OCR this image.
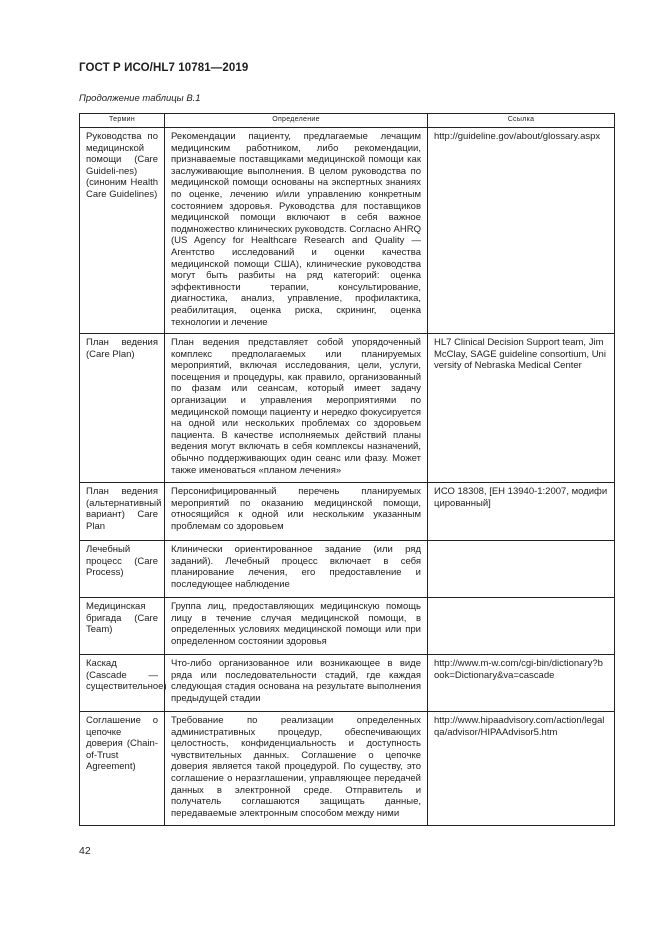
ГОСТ Р ИСО/HL7 10781—2019
Продолжение таблицы В.1
Термин	Определение	Ссылка
Руководства по медицинской помощи (Care Guideli-nes) (синоним Health Care Guidelines)	Рекомендации пациенту, предлагаемые лечащим медицинским работником, либо рекомендации, признаваемые поставщиками медицинской помощи как заслуживающие выполнения. В целом руководства по медицинской помощи основаны на экспертных знаниях по оценке, лечению и/или управлению конкретным состоянием здоровья. Руководства для поставщиков медицинской помощи включают в себя важное подмножество клинических руководств. Согласно AHRQ (US Agency for Healthcare Research and Quality — Агентство исследований и оценки качества медицинской помощи США), клинические руководства могут быть разбиты на ряд категорий: оценка эффективности терапии, консультирование, диагностика, анализ, управление, профилактика, реабилитация, оценка риска, скрининг, оценка технологии и лечение	http://guideline.gov/about/glossary.aspx
План ведения (Care Plan)	План ведения представляет собой упорядоченный комплекс предполагаемых или планируемых мероприятий, включая исследования, цели, услуги, посещения и процедуры, как правило, организованный по фазам или сеансам, который имеет задачу организации и управления мероприятиями по медицинской помощи пациенту и нередко фокусируется на одной или нескольких проблемах со здоровьем пациента. В качестве исполняемых действий планы ведения могут включать в себя комплексы назначений, обычно поддерживающих один сеанс или фазу. Может также именоваться «планом лечения»	HL7 Clinical Decision Support team, Jim McClay, SAGE guideline consortium, University of Nebraska Medical Center
План ведения (альтернативный вариант) Care Plan	Персонифицированный перечень планируемых мероприятий по оказанию медицинской помощи, относящийся к одной или нескольким указанным проблемам со здоровьем	ИСО 18308, [ЕН 13940-1:2007, модифицированный]
Лечебный процесс (Care Process)	Клинически ориентированное задание (или ряд заданий). Лечебный процесс включает в себя планирование лечения, его предоставление и последующее наблюдение	
Медицинская бригада (Care Team)	Группа лиц, предоставляющих медицинскую помощь лицу в течение случая медицинской помощи, в определенных условиях медицинской помощи или при определенном состоянии здоровья	
Каскад (Cascade — существительное)	Что-либо организованное или возникающее в виде ряда или последовательности стадий, где каждая следующая стадия основана на результате выполнения предыдущей стадии	http://www.m-w.com/cgi-bin/dictionary?book=Dictionary&va=cascade
Соглашение о цепочке доверия (Chain-of-Trust Agreement)	Требование по реализации определенных административных процедур, обеспечивающих целостность, конфиденциальность и доступность чувствительных данных. Соглашение о цепочке доверия является такой процедурой. По существу, это соглашение о неразглашении, управляющее передачей данных в электронной среде. Отправитель и получатель соглашаются защищать данные, передаваемые электронным способом между ними	http://www.hipaadvisory.com/action/legalqa/advisor/HIPAAdvisor5.htm
42
